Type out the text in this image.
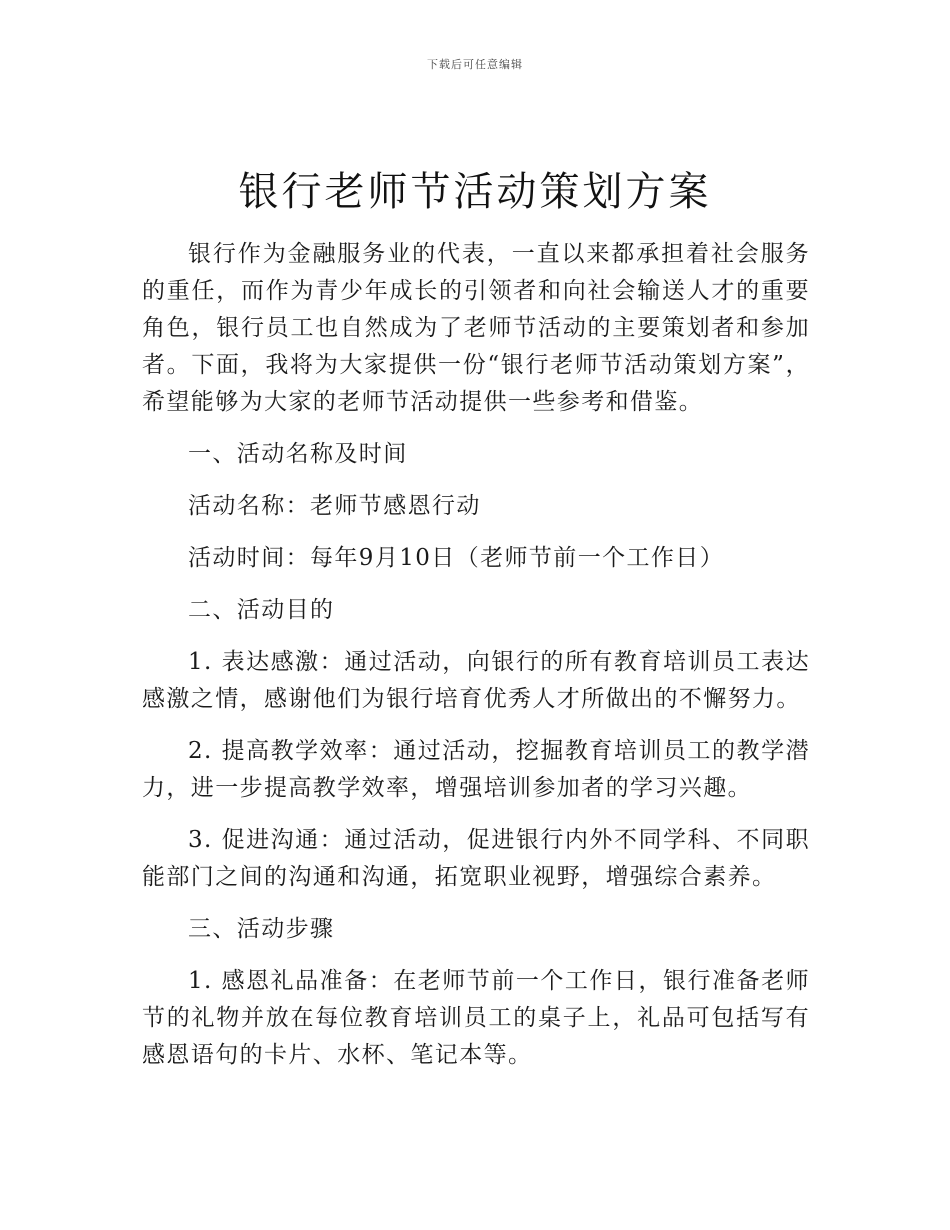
下载后可任意编辑
银行老师节活动策划方案

银行作为金融服务业的代表，一直以来都承担着社会服务的重任，而作为青少年成长的引领者和向社会输送人才的重要角色，银行员工也自然成为了老师节活动的主要策划者和参加者。下面，我将为大家提供一份“银行老师节活动策划方案”，希望能够为大家的老师节活动提供一些参考和借鉴。

一、活动名称及时间

活动名称：老师节感恩行动

活动时间：每年9月10日（老师节前一个工作日）

二、活动目的

1. 表达感激：通过活动，向银行的所有教育培训员工表达感激之情，感谢他们为银行培育优秀人才所做出的不懈努力。

2. 提高教学效率：通过活动，挖掘教育培训员工的教学潜力，进一步提高教学效率，增强培训参加者的学习兴趣。

3. 促进沟通：通过活动，促进银行内外不同学科、不同职能部门之间的沟通和沟通，拓宽职业视野，增强综合素养。

三、活动步骤

1. 感恩礼品准备：在老师节前一个工作日，银行准备老师节的礼物并放在每位教育培训员工的桌子上，礼品可包括写有感恩语句的卡片、水杯、笔记本等。
